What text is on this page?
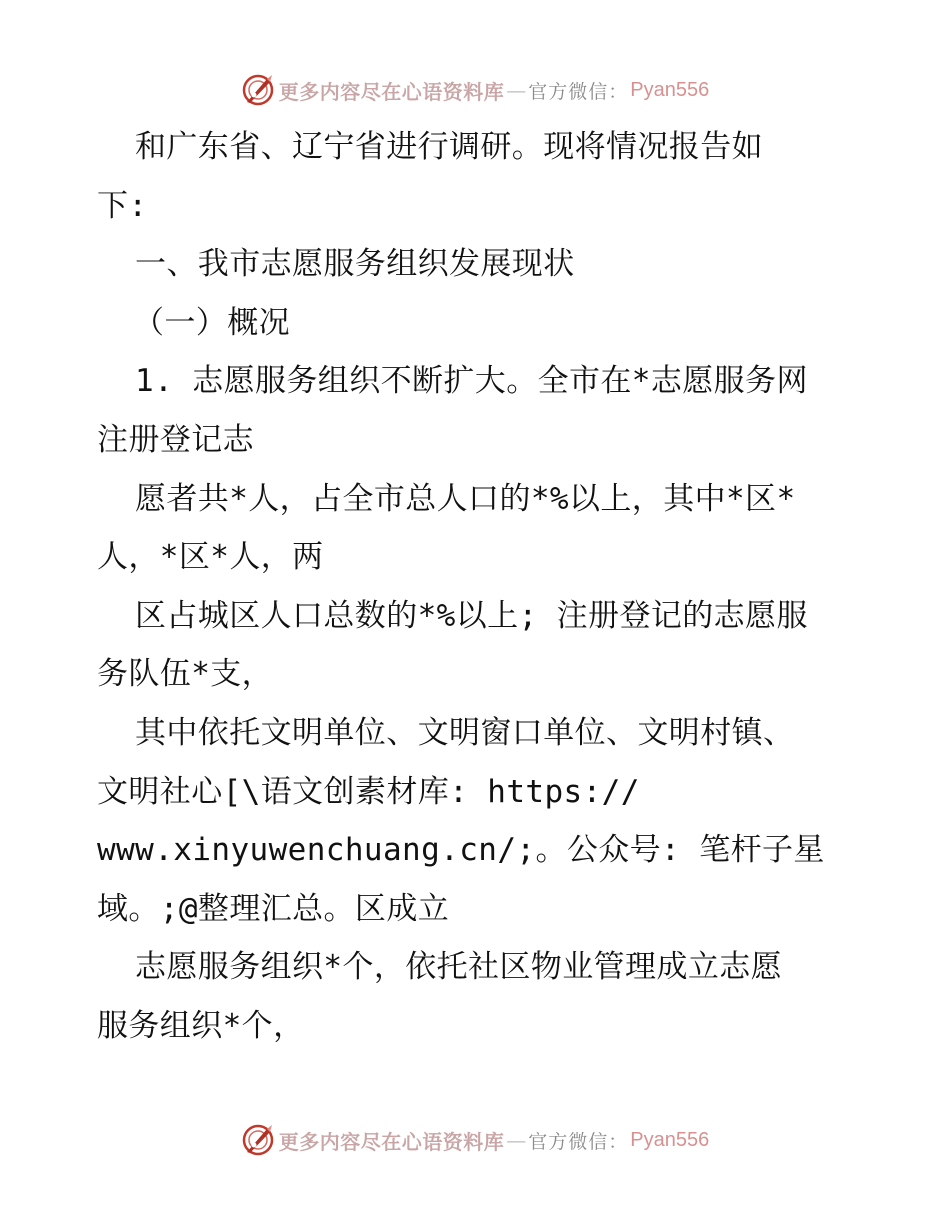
更多内容尽在心语资料库 — 官方微信： Pyan556
和广东省、辽宁省进行调研。现将情况报告如
下:
一、我市志愿服务组织发展现状
（一）概况
1. 志愿服务组织不断扩大。全市在*志愿服务网
注册登记志
愿者共*人，占全市总人口的*%以上，其中*区*
人，*区*人，两
区占城区人口总数的*%以上; 注册登记的志愿服
务队伍*支，
其中依托文明单位、文明窗口单位、文明村镇、
文明社心[\语文创素材库: https://
www.xinyuwenchuang.cn/;。公众号: 笔杆子星
域。;@整理汇总。区成立
志愿服务组织*个，依托社区物业管理成立志愿
服务组织*个，
更多内容尽在心语资料库 — 官方微信： Pyan556
